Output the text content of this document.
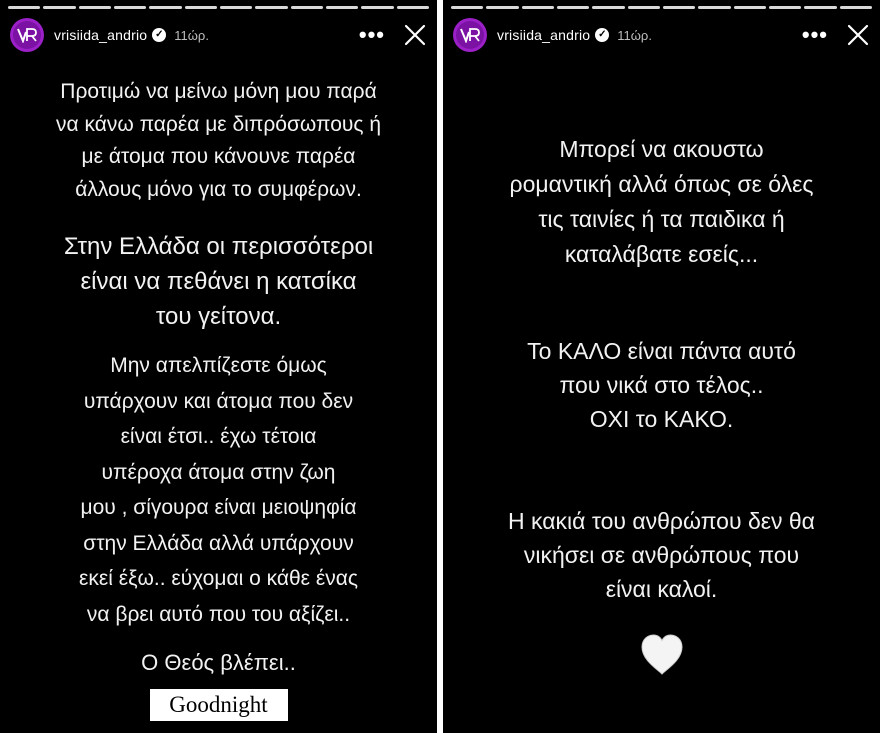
vrisiida_andrio ✓ 11ώρ.	•••
Προτιμώ να μείνω μόνη μου παρά
να κάνω παρέα με διπρόσωπους ή
με άτομα που κάνουνε παρέα
άλλους μόνο για το συμφέρων.
Στην Ελλάδα οι περισσότεροι
είναι να πεθάνει η κατσίκα
του γείτονα.
Μην απελπίζεστε όμως
υπάρχουν και άτομα που δεν
είναι έτσι.. έχω τέτοια
υπέροχα άτομα στην ζωη
μου , σίγουρα είναι μειοψηφία
στην Ελλάδα αλλά υπάρχουν
εκεί έξω.. εύχομαι ο κάθε ένας
να βρει αυτό που του αξίζει..
Ο Θεός βλέπει..
Goodnight
vrisiida_andrio ✓ 11ώρ.	•••
Μπορεί να ακουστω
ρομαντική αλλά όπως σε όλες
τις ταινίες ή τα παιδικα ή
καταλάβατε εσείς...
Το ΚΑΛΟ είναι πάντα αυτό
που νικά στο τέλος..
ΟΧΙ το ΚΑΚΟ.
Η κακιά του ανθρώπου δεν θα
νικήσει σε ανθρώπους που
είναι καλοί.
